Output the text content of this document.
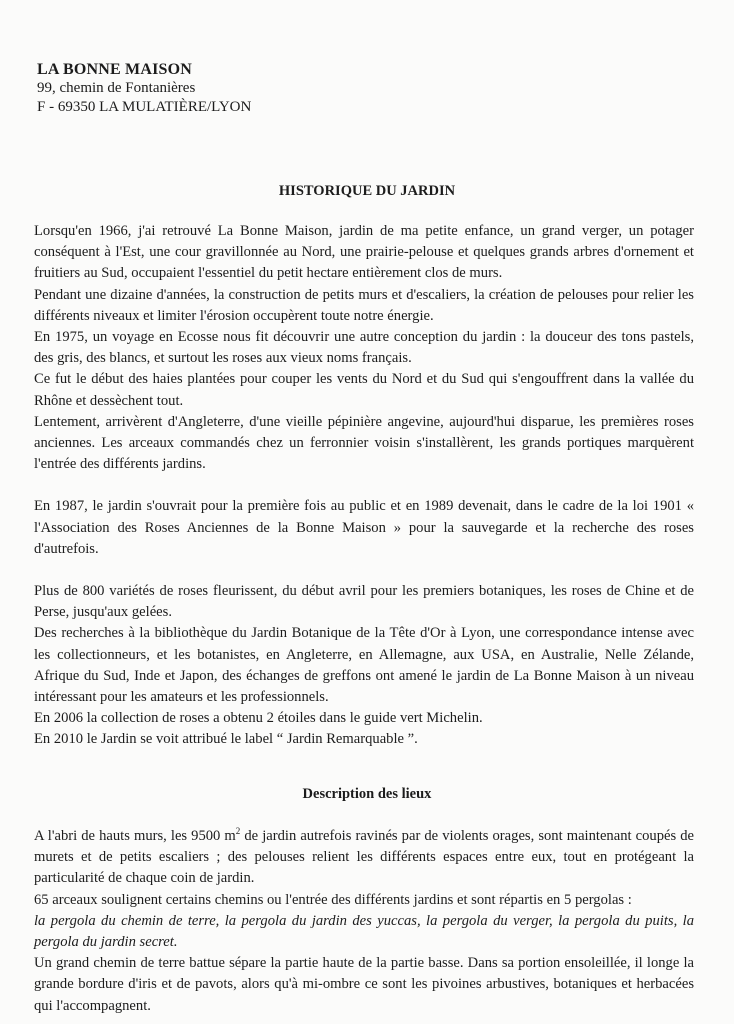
LA BONNE MAISON
99, chemin de Fontanières
F - 69350 LA MULATIÈRE/LYON
HISTORIQUE DU JARDIN

Lorsqu'en 1966, j'ai retrouvé La Bonne Maison, jardin de ma petite enfance, un grand verger, un potager conséquent à l'Est, une cour gravillonnée au Nord, une prairie-pelouse et quelques grands arbres d'ornement et fruitiers au Sud, occupaient l'essentiel du petit hectare entièrement clos de murs.

Pendant une dizaine d'années, la construction de petits murs et d'escaliers, la création de pelouses pour relier les différents niveaux et limiter l'érosion occupèrent toute notre énergie.

En 1975, un voyage en Ecosse nous fit découvrir une autre conception du jardin : la douceur des tons pastels, des gris, des blancs, et surtout les roses aux vieux noms français.

Ce fut le début des haies plantées pour couper les vents du Nord et du Sud qui s'engouffrent dans la vallée du Rhône et dessèchent tout.

Lentement, arrivèrent d'Angleterre, d'une vieille pépinière angevine, aujourd'hui disparue, les premières roses anciennes. Les arceaux commandés chez un ferronnier voisin s'installèrent, les grands portiques marquèrent l'entrée des différents jardins.

En 1987, le jardin s'ouvrait pour la première fois au public et en 1989 devenait, dans le cadre de la loi 1901 « l'Association des Roses Anciennes de la Bonne Maison » pour la sauvegarde et la recherche des roses d'autrefois.

Plus de 800 variétés de roses fleurissent, du début avril pour les premiers botaniques, les roses de Chine et de Perse, jusqu'aux gelées.

Des recherches à la bibliothèque du Jardin Botanique de la Tête d'Or à Lyon, une correspondance intense avec les collectionneurs, et les botanistes, en Angleterre, en Allemagne, aux USA, en Australie, Nelle Zélande, Afrique du Sud, Inde et Japon, des échanges de greffons ont amené le jardin de La Bonne Maison à un niveau intéressant pour les amateurs et les professionnels.

En 2006 la collection de roses a obtenu 2 étoiles dans le guide vert Michelin.

En 2010 le Jardin se voit attribué le label “ Jardin Remarquable ”.

Description des lieux

A l'abri de hauts murs, les 9500 $m^2$ de jardin autrefois ravinés par de violents orages, sont maintenant coupés de murets et de petits escaliers ; des pelouses relient les différents espaces entre eux, tout en protégeant la particularité de chaque coin de jardin.

65 arceaux soulignent certains chemins ou l'entrée des différents jardins et sont répartis en 5 pergolas :

la pergola du chemin de terre, la pergola du jardin des yuccas, la pergola du verger, la pergola du puits, la pergola du jardin secret.

Un grand chemin de terre battue sépare la partie haute de la partie basse. Dans sa portion ensoleillée, il longe la grande bordure d'iris et de pavots, alors qu'à mi-ombre ce sont les pivoines arbustives, botaniques et herbacées qui l'accompagnent.
